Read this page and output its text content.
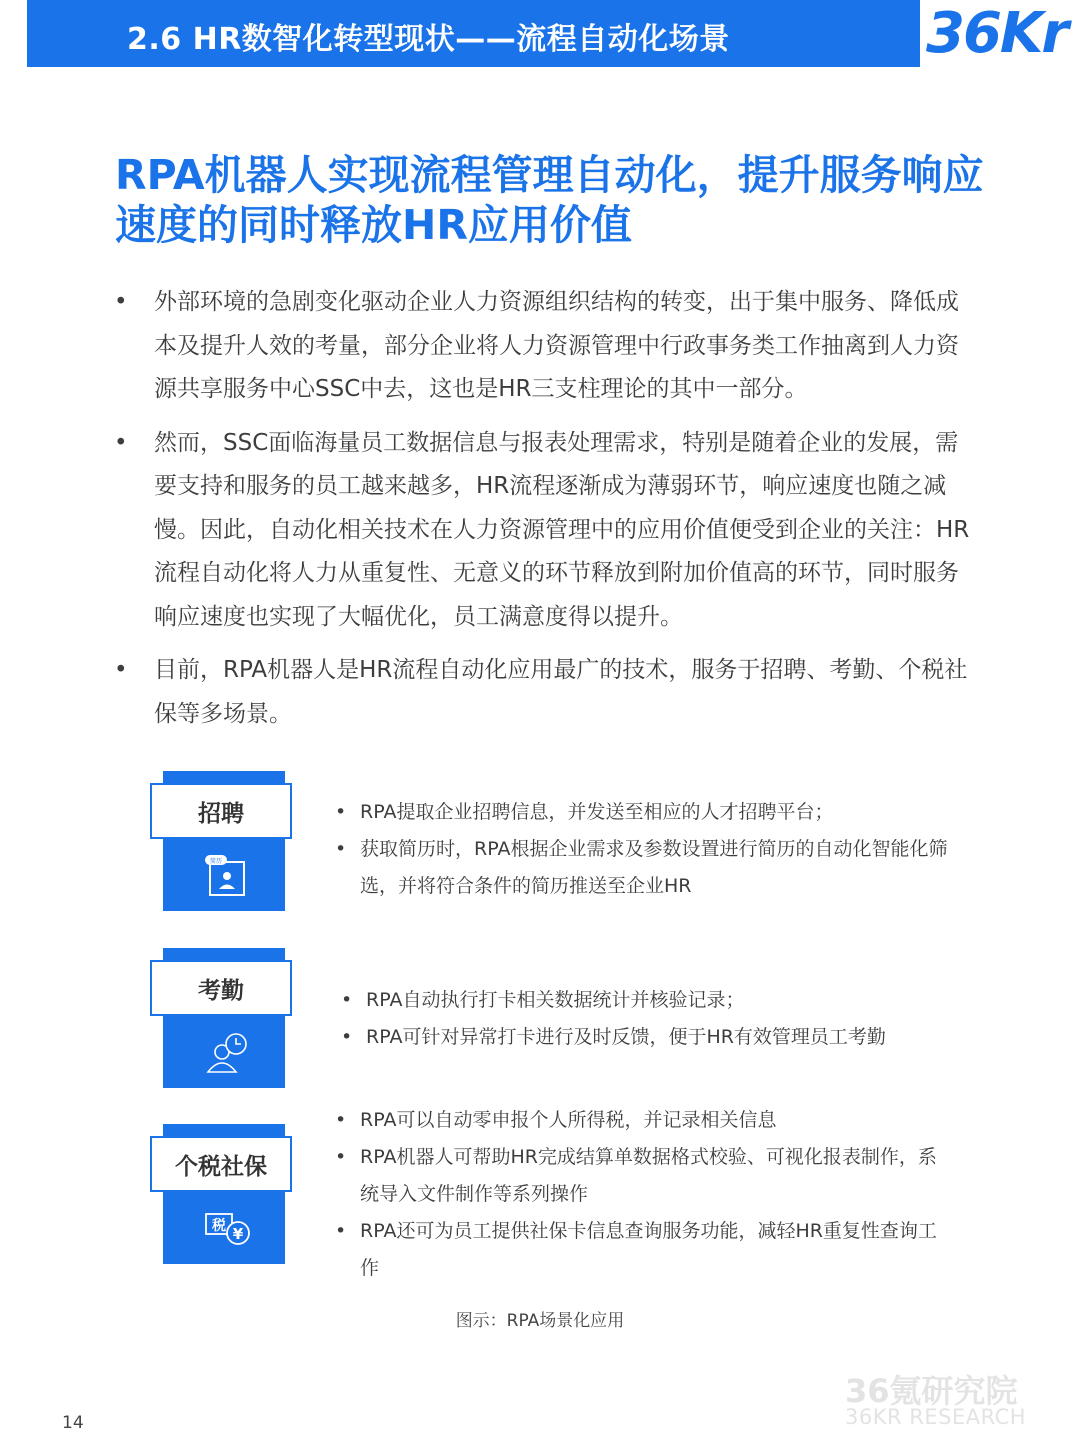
2.6 HR数智化转型现状——流程自动化场景	36Kr
RPA机器人实现流程管理自动化，提升服务响应
速度的同时释放HR应用价值
• 外部环境的急剧变化驱动企业人力资源组织结构的转变，出于集中服务、降低成本及提升人效的考量，部分企业将人力资源管理中行政事务类工作抽离到人力资源共享服务中心SSC中去，这也是HR三支柱理论的其中一部分。
• 然而，SSC面临海量员工数据信息与报表处理需求，特别是随着企业的发展，需要支持和服务的员工越来越多，HR流程逐渐成为薄弱环节，响应速度也随之减慢。因此，自动化相关技术在人力资源管理中的应用价值便受到企业的关注：HR流程自动化将人力从重复性、无意义的环节释放到附加价值高的环节，同时服务响应速度也实现了大幅优化，员工满意度得以提升。
• 目前，RPA机器人是HR流程自动化应用最广的技术，服务于招聘、考勤、个税社保等多场景。
简历
招聘	• RPA提取企业招聘信息，并发送至相应的人才招聘平台；
• 获取简历时，RPA根据企业需求及参数设置进行简历的自动化智能化筛选，并将符合条件的简历推送至企业HR
考勤	• RPA自动执行打卡相关数据统计并核验记录；
• RPA可针对异常打卡进行及时反馈，便于HR有效管理员工考勤
税 ¥
个税社保
• RPA可以自动零申报个人所得税，并记录相关信息
• RPA机器人可帮助HR完成结算单数据格式校验、可视化报表制作，系统导入文件制作等系列操作
• RPA还可为员工提供社保卡信息查询服务功能，减轻HR重复性查询工作
图示：RPA场景化应用
36氪研究院
36KR RESEARCH
14
